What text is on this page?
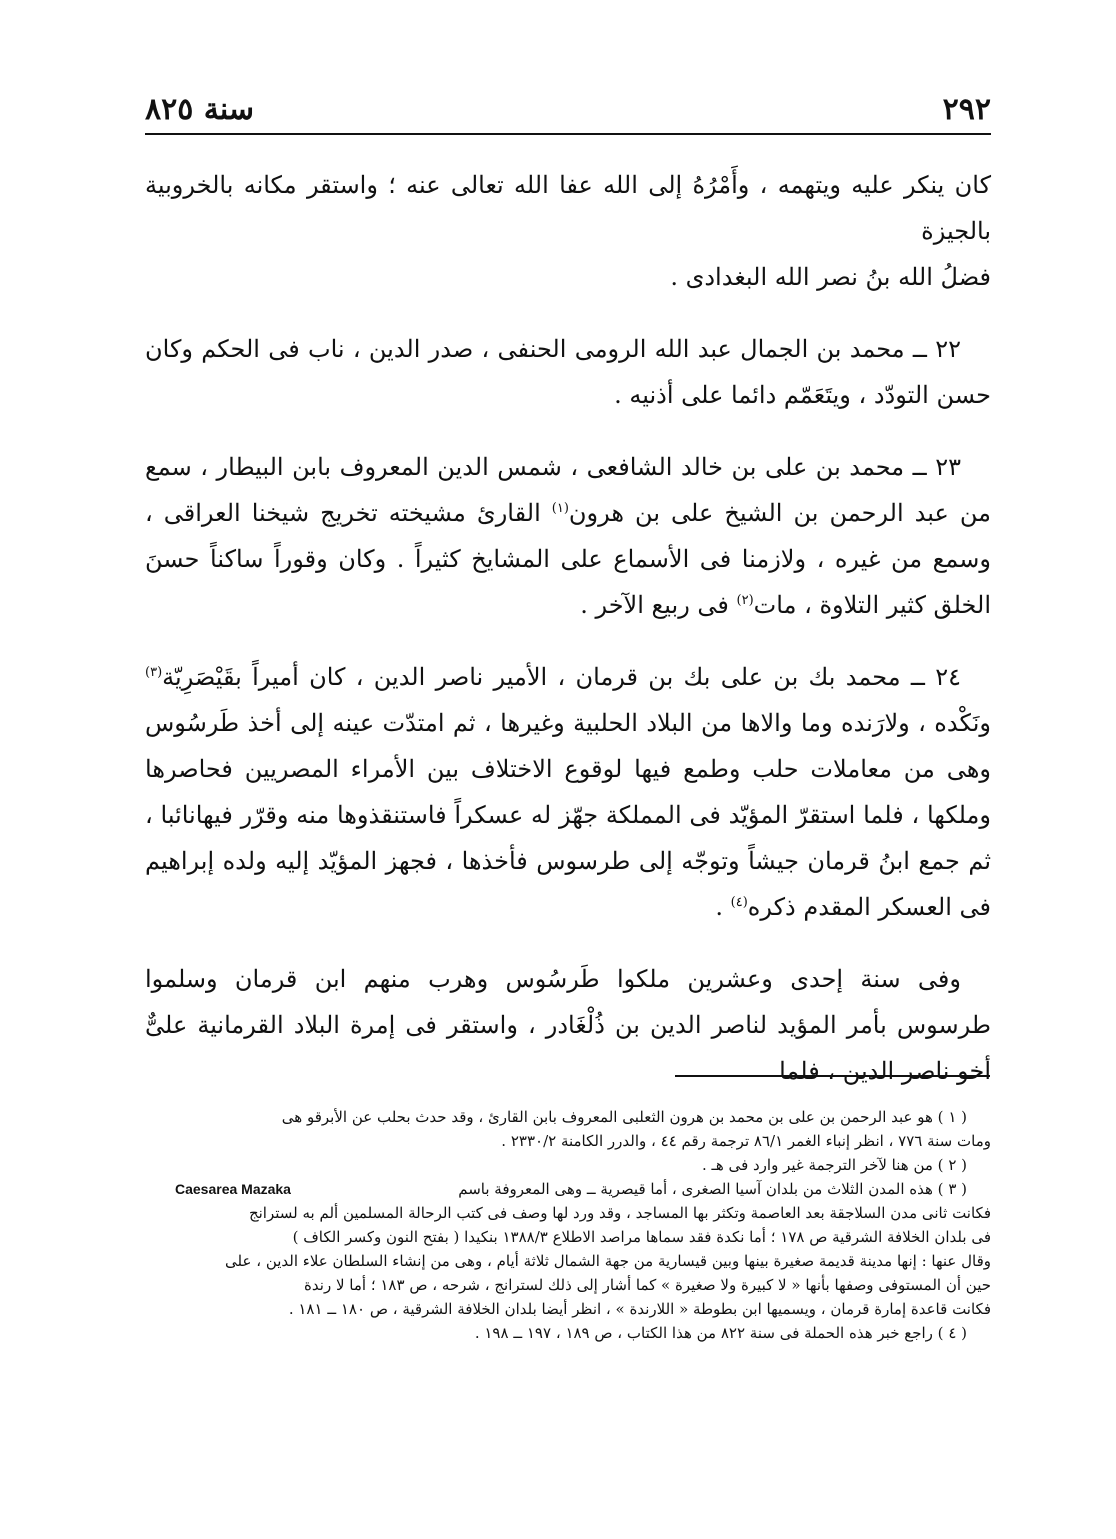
٢٩٢
سنة ٨٢٥

كان ينكر عليه ويتهمه ، وأَمْرُهُ إلى الله عفا الله تعالى عنه ؛ واستقر مكانه بالخروبية بالجيزة
فضلُ الله بنُ نصر الله البغدادى .

٢٢ ــ محمد بن الجمال عبد الله الرومى الحنفى ، صدر الدين ، ناب فى الحكم وكان حسن التودّد ، ويتَعَمّم دائما على أذنيه .

٢٣ ــ محمد بن على بن خالد الشافعى ، شمس الدين المعروف بابن البيطار ، سمع من عبد الرحمن بن الشيخ على بن هرون$^{(١)}$ القارئ مشيخته تخريج شيخنا العراقى ، وسمع من غيره ، ولازمنا فى الأسماع على المشايخ كثيراً . وكان وقوراً ساكناً حسنَ الخلق كثير التلاوة ، مات$^{(٢)}$ فى ربيع الآخر .

٢٤ ــ محمد بك بن على بك بن قرمان ، الأمير ناصر الدين ، كان أميراً بقَيْصَرِيّة$^{(٣)}$ ونَكْده ، ولارَنده وما والاها من البلاد الحلبية وغيرها ، ثم امتدّت عينه إلى أخذ طَرسُوس وهى من معاملات حلب وطمع فيها لوقوع الاختلاف بين الأمراء المصريين فحاصرها وملكها ، فلما استقرّ المؤيّد فى المملكة جهّز له عسكراً فاستنقذوها منه وقرّر فيهانائبا ، ثم جمع ابنُ قرمان جيشاً وتوجّه إلى طرسوس فأخذها ، فجهز المؤيّد إليه ولده إبراهيم فى العسكر المقدم ذكره$^{(٤)}$ .

وفى سنة إحدى وعشرين ملكوا طَرسُوس وهرب منهم ابن قرمان وسلموا طرسوس بأمر المؤيد لناصر الدين بن ذُلْغَادر ، واستقر فى إمرة البلاد القرمانية علىٌّ أخو ناصر الدين ، فلما

( ١ ) هو عبد الرحمن بن على بن محمد بن هرون الثعلبى المعروف بابن القارئ ، وقد حدث بحلب عن الأبرقو هى

ومات سنة ٧٧٦ ، انظر إنباء الغمر ٨٦/١ ترجمة رقم ٤٤ ، والدرر الكامنة ٢٣٣٠/٢ .

( ٢ ) من هنا لآخر الترجمة غير وارد فى هـ .

( ٣ ) هذه المدن الثلاث من بلدان آسيا الصغرى ، أما قيصرية ــ وهى المعروفة باسم
Caesarea Mazaka

فكانت ثانى مدن السلاجقة بعد العاصمة وتكثر بها المساجد ، وقد ورد لها وصف فى كتب الرحالة المسلمين ألم به لسترانج

فى بلدان الخلافة الشرقية ص ١٧٨ ؛ أما نكدة فقد سماها مراصد الاطلاع ١٣٨٨/٣ بنكيدا ( بفتح النون وكسر الكاف )

وقال عنها : إنها مدينة قديمة صغيرة بينها وبين قيسارية من جهة الشمال ثلاثة أيام ، وهى من إنشاء السلطان علاء الدين ، على

حين أن المستوفى وصفها بأنها « لا كبيرة ولا صغيرة » كما أشار إلى ذلك لسترانج ، شرحه ، ص ١٨٣ ؛ أما لا رندة

فكانت قاعدة إمارة قرمان ، ويسميها ابن بطوطة « اللارندة » ، انظر أيضا بلدان الخلافة الشرقية ، ص ١٨٠ ــ ١٨١ .

( ٤ ) راجع خبر هذه الحملة فى سنة ٨٢٢ من هذا الكتاب ، ص ١٨٩ ، ١٩٧ ــ ١٩٨ .
